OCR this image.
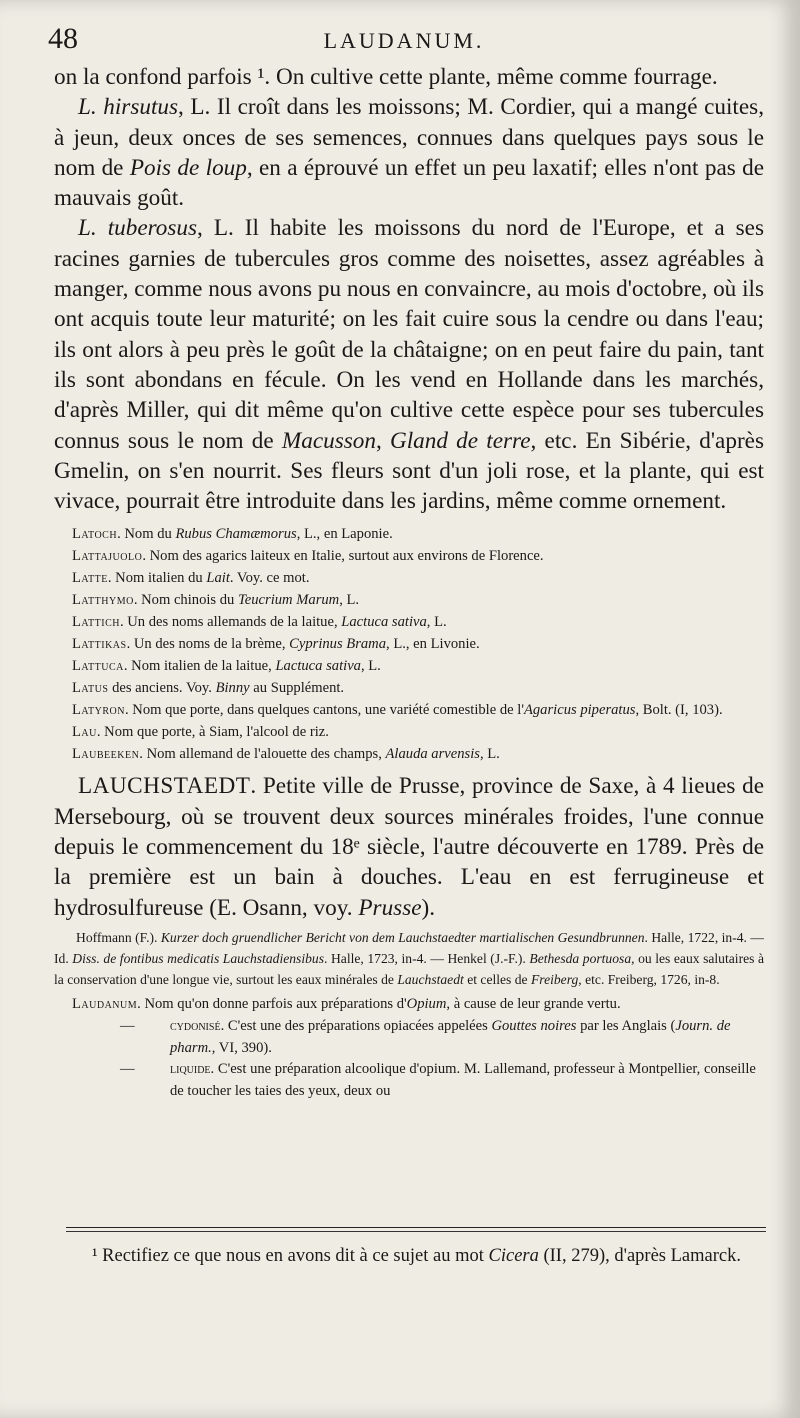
48	LAUDANUM.

on la confond parfois ¹. On cultive cette plante, même comme fourrage.

L. hirsutus, L. Il croît dans les moissons; M. Cordier, qui a mangé cuites, à jeun, deux onces de ses semences, connues dans quelques pays sous le nom de Pois de loup, en a éprouvé un effet un peu laxatif; elles n'ont pas de mauvais goût.

L. tuberosus, L. Il habite les moissons du nord de l'Europe, et a ses racines garnies de tubercules gros comme des noisettes, assez agréables à manger, comme nous avons pu nous en convaincre, au mois d'octobre, où ils ont acquis toute leur maturité; on les fait cuire sous la cendre ou dans l'eau; ils ont alors à peu près le goût de la châtaigne; on en peut faire du pain, tant ils sont abondans en fécule. On les vend en Hollande dans les marchés, d'après Miller, qui dit même qu'on cultive cette espèce pour ses tubercules connus sous le nom de Macusson, Gland de terre, etc. En Sibérie, d'après Gmelin, on s'en nourrit. Ses fleurs sont d'un joli rose, et la plante, qui est vivace, pourrait être introduite dans les jardins, même comme ornement.

Latoch. Nom du Rubus Chamæmorus, L., en Laponie.

Lattajuolo. Nom des agarics laiteux en Italie, surtout aux environs de Florence.

Latte. Nom italien du Lait. Voy. ce mot.

Latthymo. Nom chinois du Teucrium Marum, L.

Lattich. Un des noms allemands de la laitue, Lactuca sativa, L.

Lattikas. Un des noms de la brème, Cyprinus Brama, L., en Livonie.

Lattuca. Nom italien de la laitue, Lactuca sativa, L.

Latus des anciens. Voy. Binny au Supplément.

Latyron. Nom que porte, dans quelques cantons, une variété comestible de l'Agaricus piperatus, Bolt. (I, 103).

Lau. Nom que porte, à Siam, l'alcool de riz.

Laubeeken. Nom allemand de l'alouette des champs, Alauda arvensis, L.

LAUCHSTAEDT. Petite ville de Prusse, province de Saxe, à 4 lieues de Mersebourg, où se trouvent deux sources minérales froides, l'une connue depuis le commencement du 18ᵉ siècle, l'autre découverte en 1789. Près de la première est un bain à douches. L'eau en est ferrugineuse et hydrosulfureuse (E. Osann, voy. Prusse).

Hoffmann (F.). Kurzer doch gruendlicher Bericht von dem Lauchstaedter martialischen Gesundbrunnen. Halle, 1722, in-4. — Id. Diss. de fontibus medicatis Lauchstadiensibus. Halle, 1723, in-4. — Henkel (J.-F.). Bethesda portuosa, ou les eaux salutaires à la conservation d'une longue vie, surtout les eaux minérales de Lauchstaedt et celles de Freiberg, etc. Freiberg, 1726, in-8.

Laudanum. Nom qu'on donne parfois aux préparations d'Opium, à cause de leur grande vertu.

— cydonisé. C'est une des préparations opiacées appelées Gouttes noires par les Anglais (Journ. de pharm., VI, 390).

— liquide. C'est une préparation alcoolique d'opium. M. Lallemand, professeur à Montpellier, conseille de toucher les taies des yeux, deux ou

¹ Rectifiez ce que nous en avons dit à ce sujet au mot Cicera (II, 279), d'après Lamarck.
